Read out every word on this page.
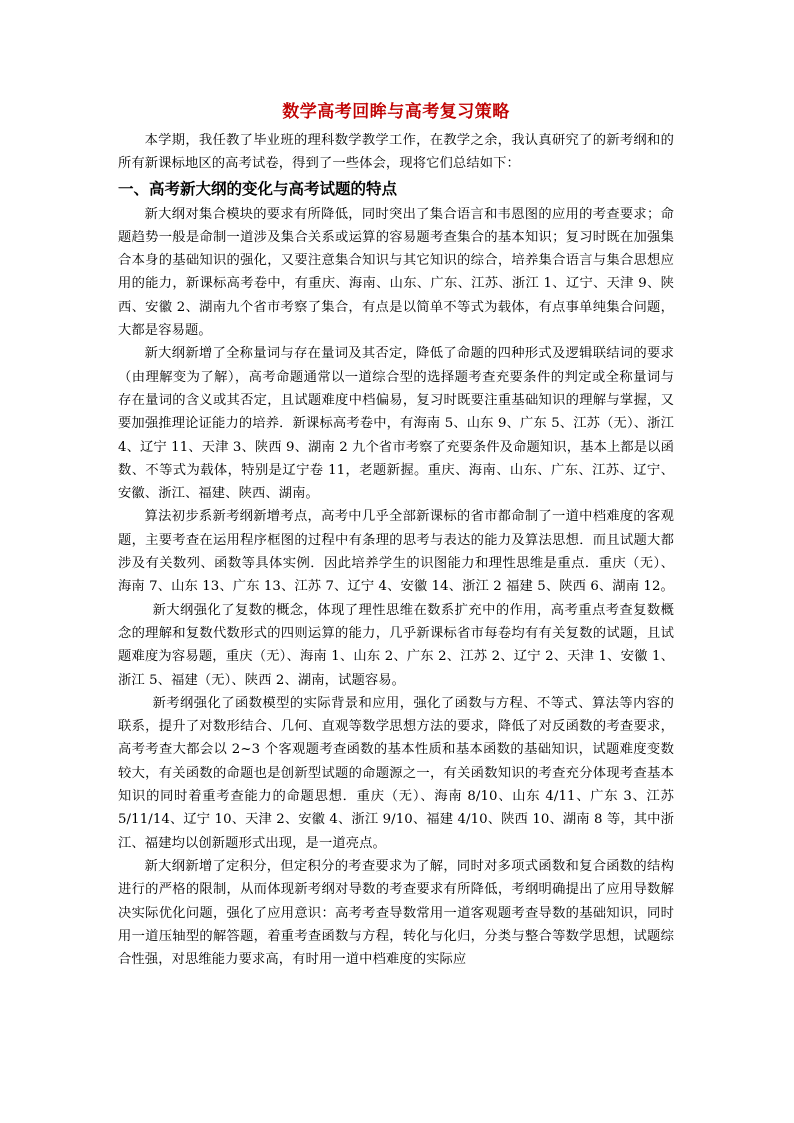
数学高考回眸与高考复习策略

本学期，我任教了毕业班的理科数学教学工作，在教学之余，我认真研究了的新考纲和的所有新课标地区的高考试卷，得到了一些体会，现将它们总结如下：

一、高考新大纲的变化与高考试题的特点

新大纲对集合模块的要求有所降低，同时突出了集合语言和韦恩图的应用的考查要求；命题趋势一般是命制一道涉及集合关系或运算的容易题考查集合的基本知识；复习时既在加强集合本身的基础知识的强化，又要注意集合知识与其它知识的综合，培养集合语言与集合思想应用的能力，新课标高考卷中，有重庆、海南、山东、广东、江苏、浙江 1、辽宁、天津 9、陕西、安徽 2、湖南九个省市考察了集合，有点是以简单不等式为载体，有点事单纯集合问题，大都是容易题。

新大纲新增了全称量词与存在量词及其否定，降低了命题的四种形式及逻辑联结词的要求（由理解变为了解），高考命题通常以一道综合型的选择题考查充要条件的判定或全称量词与存在量词的含义或其否定，且试题难度中档偏易，复习时既要注重基础知识的理解与掌握，又要加强推理论证能力的培养．新课标高考卷中，有海南 5、山东 9、广东 5、江苏（无）、浙江 4、辽宁 11、天津 3、陕西 9、湖南 2 九个省市考察了充要条件及命题知识，基本上都是以函数、不等式为载体，特别是辽宁卷 11，老题新握。重庆、海南、山东、广东、江苏、辽宁、安徽、浙江、福建、陕西、湖南。

算法初步系新考纲新增考点，高考中几乎全部新课标的省市都命制了一道中档难度的客观题，主要考查在运用程序框图的过程中有条理的思考与表达的能力及算法思想．而且试题大都涉及有关数列、函数等具体实例．因此培养学生的识图能力和理性思维是重点．重庆（无）、海南 7、山东 13、广东 13、江苏 7、辽宁 4、安徽 14、浙江 2 福建 5、陕西 6、湖南 12。

新大纲强化了复数的概念，体现了理性思维在数系扩充中的作用，高考重点考查复数概念的理解和复数代数形式的四则运算的能力，几乎新课标省市每卷均有有关复数的试题，且试题难度为容易题，重庆（无）、海南 1、山东 2、广东 2、江苏 2、辽宁 2、天津 1、安徽 1、浙江 5、福建（无）、陕西 2、湖南，试题容易。

新考纲强化了函数模型的实际背景和应用，强化了函数与方程、不等式、算法等内容的联系，提升了对数形结合、几何、直观等数学思想方法的要求，降低了对反函数的考查要求，高考考查大都会以 2~3 个客观题考查函数的基本性质和基本函数的基础知识，试题难度变数较大，有关函数的命题也是创新型试题的命题源之一，有关函数知识的考查充分体现考查基本知识的同时着重考查能力的命题思想．重庆（无）、海南 8/10、山东 4/11、广东 3、江苏 5/11/14、辽宁 10、天津 2、安徽 4、浙江 9/10、福建 4/10、陕西 10、湖南 8 等，其中浙江、福建均以创新题形式出现，是一道亮点。

新大纲新增了定积分，但定积分的考查要求为了解，同时对多项式函数和复合函数的结构进行的严格的限制，从而体现新考纲对导数的考查要求有所降低，考纲明确提出了应用导数解决实际优化问题，强化了应用意识：高考考查导数常用一道客观题考查导数的基础知识，同时用一道压轴型的解答题，着重考查函数与方程，转化与化归，分类与整合等数学思想，试题综合性强，对思维能力要求高，有时用一道中档难度的实际应
